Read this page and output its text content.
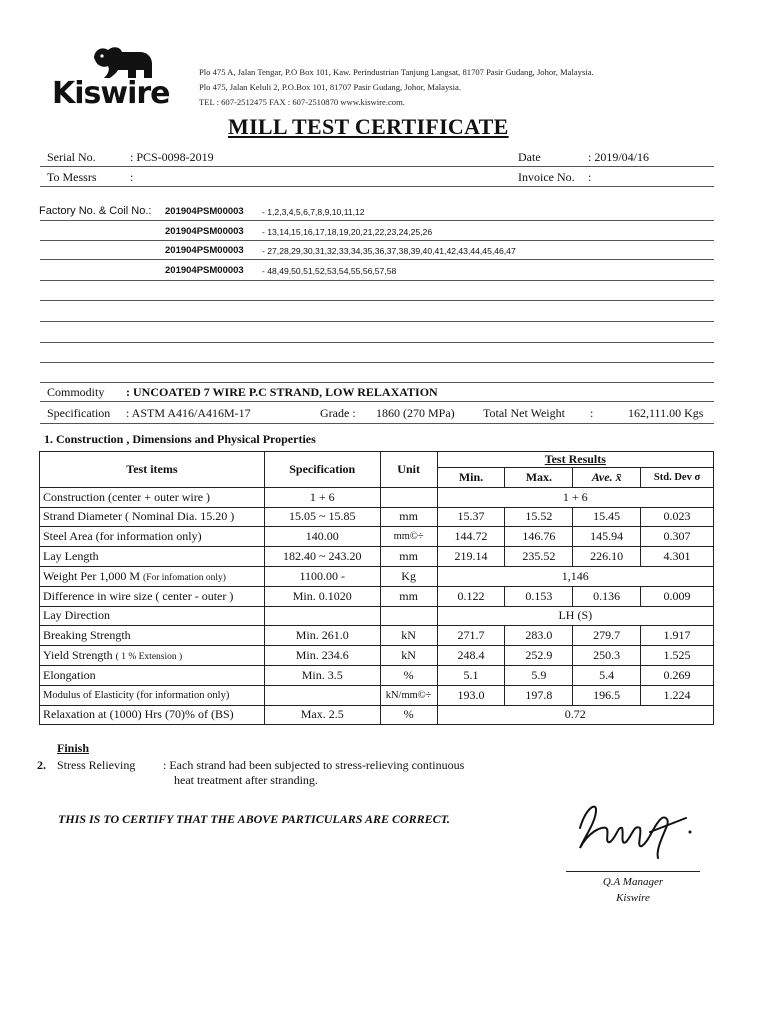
Kiswire
Plo 475 A, Jalan Tengar, P.O Box 101, Kaw. Perindustrian Tanjung Langsat, 81707 Pasir Gudang, Johor, Malaysia.
Plo 475, Jalan Keluli 2, P.O.Box 101, 81707 Pasir Gudang, Johor, Malaysia.
TEL : 607-2512475 FAX : 607-2510870 www.kiswire.com.
MILL TEST CERTIFICATE
Serial No.	: PCS-0098-2019	Date	: 2019/04/16
To Messrs	:	Invoice No. :
Factory No. & Coil No.: 201904PSM00003 - 1,2,3,4,5,6,7,8,9,10,11,12
201904PSM00003 - 13,14,15,16,17,18,19,20,21,22,23,24,25,26
201904PSM00003 - 27,28,29,30,31,32,33,34,35,36,37,38,39,40,41,42,43,44,45,46,47
201904PSM00003 - 48,49,50,51,52,53,54,55,56,57,58
Commodity : UNCOATED 7 WIRE P.C STRAND, LOW RELAXATION
Specification : ASTM A416/A416M-17	Grade : 1860 (270 MPa) Total Net Weight :	162,111.00 Kgs
1. Construction , Dimensions and Physical Properties
Test items	Specification	Unit	Test Results			
			Min.	Max.	Ave. x̄	Std. Dev σ
Construction (center + outer wire )	1 + 6		1 + 6			
Strand Diameter ( Nominal Dia. 15.20 )	15.05 ~ 15.85	mm	15.37	15.52	15.45	0.023
Steel Area (for information only)	140.00	mm©÷	144.72	146.76	145.94	0.307
Lay Length	182.40 ~ 243.20	mm	219.14	235.52	226.10	4.301
Weight Per 1,000 M (For infomation only)	1100.00 -	Kg	1,146			
Difference in wire size ( center - outer )	Min. 0.1020	mm	0.122	0.153	0.136	0.009
Lay Direction			LH (S)			
Breaking Strength	Min. 261.0	kN	271.7	283.0	279.7	1.917
Yield Strength ( 1 % Extension )	Min. 234.6	kN	248.4	252.9	250.3	1.525
Elongation	Min. 3.5	%	5.1	5.9	5.4	0.269
Modulus of Elasticity (for information only)		kN/mm©÷	193.0	197.8	196.5	1.224
Relaxation at (1000) Hrs (70)% of (BS)	Max. 2.5	%	0.72			
Finish
2. Stress Relieving : Each strand had been subjected to stress-relieving continuous
heat treatment after stranding.
THIS IS TO CERTIFY THAT THE ABOVE PARTICULARS ARE CORRECT.
Q.A Manager
Kiswire
